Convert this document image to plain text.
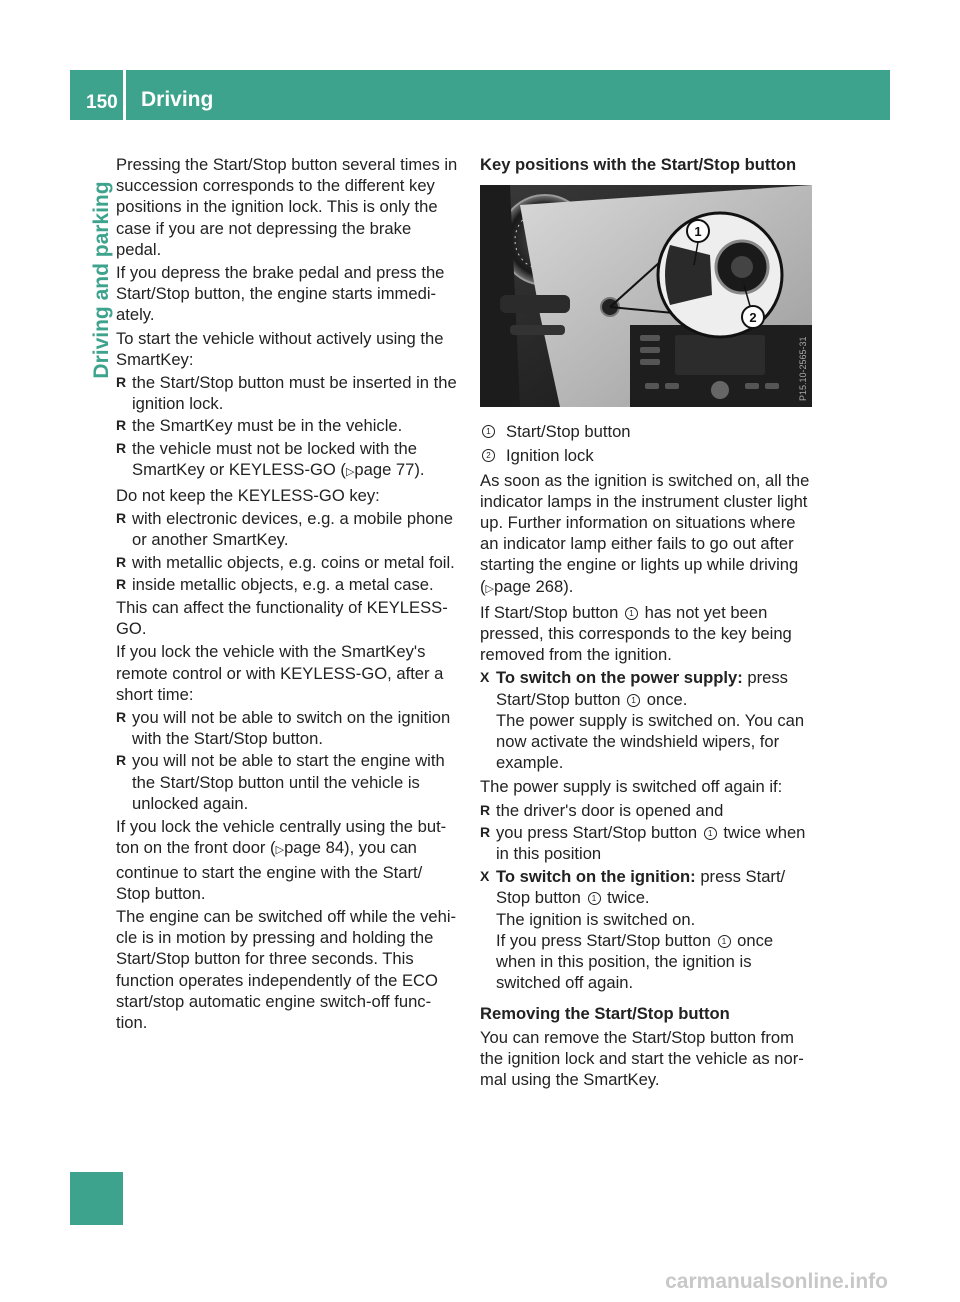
150 Driving
Driving and parking

Pressing the Start/Stop button several times in succession corresponds to the different key positions in the ignition lock. This is only the case if you are not depressing the brake pedal.

If you depress the brake pedal and press the Start/Stop button, the engine starts immedi- ately.

To start the vehicle without actively using the SmartKey:

R the Start/Stop button must be inserted in the ignition lock.
R the SmartKey must be in the vehicle.
R the vehicle must not be locked with the SmartKey or KEYLESS-GO (▷page 77).

Do not keep the KEYLESS-GO key:

R with electronic devices, e.g. a mobile phone or another SmartKey.
R with metallic objects, e.g. coins or metal foil.
R inside metallic objects, e.g. a metal case.

This can affect the functionality of KEYLESS- GO.

If you lock the vehicle with the SmartKey's remote control or with KEYLESS-GO, after a short time:

R you will not be able to switch on the ignition with the Start/Stop button.
R you will not be able to start the engine with the Start/Stop button until the vehicle is unlocked again.

If you lock the vehicle centrally using the but- ton on the front door (▷page 84), you can continue to start the engine with the Start/ Stop button.

The engine can be switched off while the vehi- cle is in motion by pressing and holding the Start/Stop button for three seconds. This function operates independently of the ECO start/stop automatic engine switch-off func- tion.

Key positions with the Start/Stop button

1
2
P15.10-2565-31

1 Start/Stop button

2 Ignition lock

As soon as the ignition is switched on, all the indicator lamps in the instrument cluster light up. Further information on situations where an indicator lamp either fails to go out after starting the engine or lights up while driving (▷page 268).

If Start/Stop button 1 has not yet been pressed, this corresponds to the key being removed from the ignition.

X To switch on the power supply: press Start/Stop button 1 once.
The power supply is switched on. You can now activate the windshield wipers, for example.

The power supply is switched off again if:

R the driver's door is opened and
R you press Start/Stop button 1 twice when in this position
X To switch on the ignition: press Start/ Stop button 1 twice.
The ignition is switched on.
If you press Start/Stop button 1 once when in this position, the ignition is switched off again.

Removing the Start/Stop button

You can remove the Start/Stop button from the ignition lock and start the vehicle as nor- mal using the SmartKey.

carmanualsonline.info
